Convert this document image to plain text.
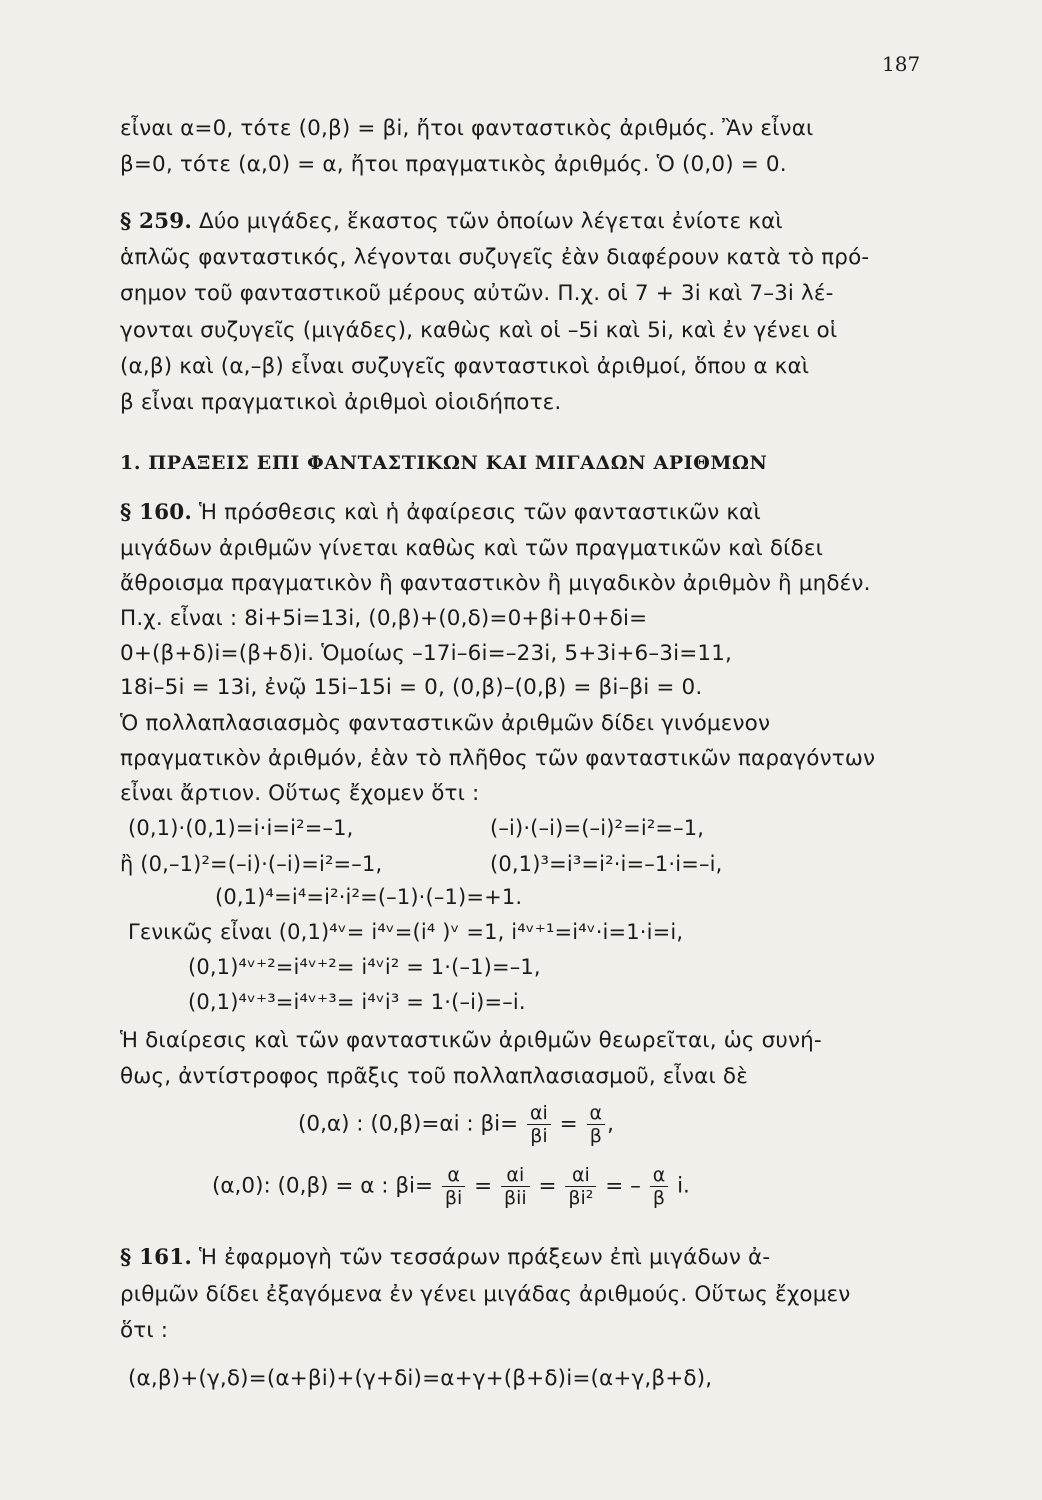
187
εἶναι α=0, τότε (0,β) = βi, ἤτοι φανταστικὸς ἀριθμός. Ἂν εἶναι
β=0, τότε (α,0) = α, ἤτοι πραγματικὸς ἀριθμός. Ὁ (0,0) = 0.
§ 259. Δύο μιγάδες, ἕκαστος τῶν ὁποίων λέγεται ἐνίοτε καὶ
ἁπλῶς φανταστικός, λέγονται συζυγεῖς ἐὰν διαφέρουν κατὰ τὸ πρό-
σημον τοῦ φανταστικοῦ μέρους αὐτῶν. Π.χ. οἱ 7 + 3i καὶ 7–3i λέ-
γονται συζυγεῖς (μιγάδες), καθὼς καὶ οἱ –5i καὶ 5i, καὶ ἐν γένει οἱ
(α,β) καὶ (α,–β) εἶναι συζυγεῖς φανταστικοὶ ἀριθμοί, ὅπου α καὶ
β εἶναι πραγματικοὶ ἀριθμοὶ οἱοιδήποτε.
1. ΠΡΑΞΕΙΣ ΕΠΙ ΦΑΝΤΑΣΤΙΚΩΝ ΚΑΙ ΜΙΓΑΔΩΝ ΑΡΙΘΜΩΝ
§ 160. Ἡ πρόσθεσις καὶ ἡ ἀφαίρεσις τῶν φανταστικῶν καὶ
μιγάδων ἀριθμῶν γίνεται καθὼς καὶ τῶν πραγματικῶν καὶ δίδει
ἄθροισμα πραγματικὸν ἢ φανταστικὸν ἢ μιγαδικὸν ἀριθμὸν ἢ μηδέν.
Π.χ. εἶναι : 8i+5i=13i, (0,β)+(0,δ)=0+βi+0+δi=
0+(β+δ)i=(β+δ)i. Ὁμοίως –17i–6i=–23i, 5+3i+6–3i=11,
18i–5i = 13i, ἐνῷ 15i–15i = 0, (0,β)–(0,β) = βi–βi = 0.
Ὁ πολλαπλασιασμὸς φανταστικῶν ἀριθμῶν δίδει γινόμενον
πραγματικὸν ἀριθμόν, ἐὰν τὸ πλῆθος τῶν φανταστικῶν παραγόντων
εἶναι ἄρτιον. Οὕτως ἔχομεν ὅτι :
(0,1)·(0,1)=i·i=i²=–1,	(–i)·(–i)=(–i)²=i²=–1,
ἢ (0,–1)²=(–i)·(–i)=i²=–1,	(0,1)³=i³=i²·i=–1·i=–i,
(0,1)⁴=i⁴=i²·i²=(–1)·(–1)=+1.
Γενικῶς εἶναι (0,1)⁴ᵛ= i⁴ᵛ=(i⁴ )ᵛ =1, i⁴ᵛ⁺¹=i⁴ᵛ·i=1·i=i,
(0,1)⁴ᵛ⁺²=i⁴ᵛ⁺²= i⁴ᵛi² = 1·(–1)=–1,
(0,1)⁴ᵛ⁺³=i⁴ᵛ⁺³= i⁴ᵛi³ = 1·(–i)=–i.
Ἡ διαίρεσις καὶ τῶν φανταστικῶν ἀριθμῶν θεωρεῖται, ὡς συνή-
θως, ἀντίστροφος πρᾶξις τοῦ πολλαπλασιασμοῦ, εἶναι δὲ
(0,α) : (0,β)=αi : $\beta i= \frac{\alpha i}{\beta i} = \frac{\alpha}{\beta}$ ,
(α,0): (0,β) = α : $\beta i= \frac{\alpha}{\beta i} = \frac{\alpha i}{\text{βii}} = \frac{\alpha i}{\text{βi²}}$ = – $\frac{\alpha}{\beta} i$.
§ 161. Ἡ ἐφαρμογὴ τῶν τεσσάρων πράξεων ἐπὶ μιγάδων ἀ-
ριθμῶν δίδει ἐξαγόμενα ἐν γένει μιγάδας ἀριθμούς. Οὕτως ἔχομεν
ὅτι :
(α,β)+(γ,δ)=(α+βi)+(γ+δi)=α+γ+(β+δ)i=(α+γ,β+δ),
